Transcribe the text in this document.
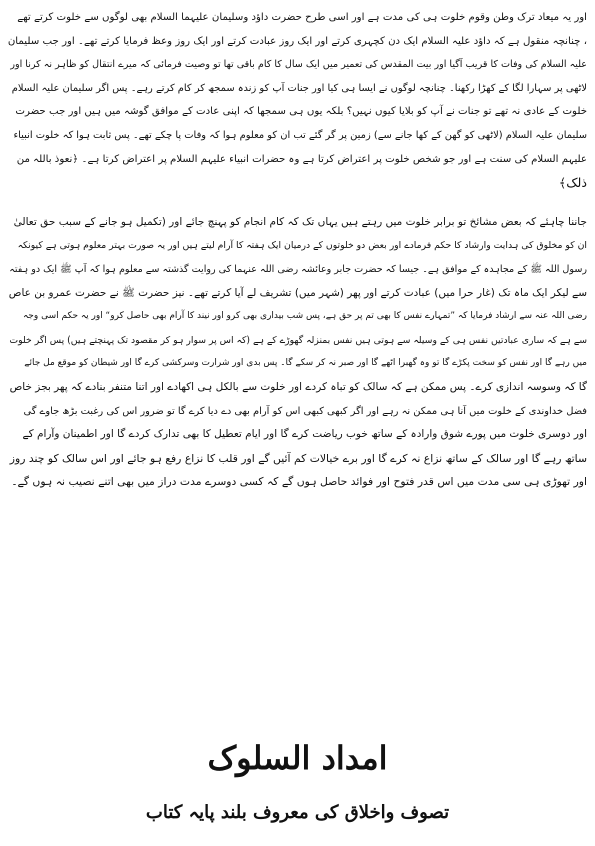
اور یہ میعاد ترک وطن وقوم خلوت ہی کی مدت ہے اور اسی طرح حضرت داؤد وسلیمان علیہما السلام بھی لوگوں سے خلوت کرتے تھے
، چنانچہ منقول ہے کہ داؤد علیہ السلام ایک دن کچہری کرتے اور ایک روز عبادت کرتے اور ایک روز وعظ فرمایا کرتے تھے۔ اور جب سلیمان
علیہ السلام کی وفات کا قریب آگیا اور بیت المقدس کی تعمیر میں ایک سال کا کام باقی تھا تو وصیت فرمائی کہ میرے انتقال کو ظاہر نہ کرنا اور
لاٹھی پر سہارا لگا کے کھڑا رکھنا۔ چنانچہ لوگوں نے ایسا ہی کیا اور جنات آپ کو زندہ سمجھ کر کام کرتے رہے۔ پس اگر سلیمان علیہ السلام
خلوت کے عادی نہ تھے تو جنات نے آپ کو بلایا کیوں نہیں؟ بلکہ یوں ہی سمجھا کہ اپنی عادت کے موافق گوشہ میں ہیں اور جب حضرت
سلیمان علیہ السلام (لاٹھی کو گھن کے کھا جانے سے) زمین پر گر گئے تب ان کو معلوم ہوا کہ وفات پا چکے تھے۔ پس ثابت ہوا کہ خلوت انبیاء
علیہم السلام کی سنت ہے اور جو شخص خلوت پر اعتراض کرتا ہے وہ حضرات انبیاء علیہم السلام پر اعتراض کرتا ہے۔ ﴿نعوذ باللہ من
ذلک﴾

جاننا چاہئے کہ بعض مشائخ تو برابر خلوت میں رہتے ہیں یہاں تک کہ کام انجام کو پہنچ جائے اور (تکمیل ہو جانے کے سبب حق تعالیٰ
ان کو مخلوق کی ہدایت وارشاد کا حکم فرمادے اور بعض دو خلوتوں کے درمیان ایک ہفتہ کا آرام لیتے ہیں اور یہ صورت بہتر معلوم ہوتی ہے کیونکہ
رسول اللہ ﷺ کے مجاہدہ کے موافق ہے۔ جیسا کہ حضرت جابر وعائشہ رضی اللہ عنہما کی روایت گذشتہ سے معلوم ہوا کہ آپ ﷺ ایک دو ہفتہ
سے لیکر ایک ماہ تک (غار حرا میں) عبادت کرتے اور پھر (شہر میں) تشریف لے آیا کرتے تھے۔ نیز حضرت ﷺ نے حضرت عمرو بن عاص
رضی اللہ عنہ سے ارشاد فرمایا کہ ”تمہارے نفس کا بھی تم پر حق ہے، پس شب بیداری بھی کرو اور نیند کا آرام بھی حاصل کرو“ اور یہ حکم اسی وجہ
سے ہے کہ ساری عبادتیں نفس ہی کے وسیلہ سے ہوتی ہیں نفس بمنزلہ گھوڑے کے ہے (کہ اس پر سوار ہو کر مقصود تک پہنچتے ہیں) پس اگر خلوت
میں رہے گا اور نفس کو سخت پکڑے گا تو وہ گھبرا اٹھے گا اور صبر نہ کر سکے گا۔ پس بدی اور شرارت وسرکشی کرے گا اور شیطان کو موقع مل جائے
گا کہ وسوسہ اندازی کرے۔ پس ممکن ہے کہ سالک کو تباہ کردے اور خلوت سے بالکل ہی اکھادے اور اتنا متنفر بنادے کہ پھر بجز خاص
فضل خداوندی کے خلوت میں آنا ہی ممکن نہ رہے اور اگر کبھی کبھی اس کو آرام بھی دے دیا کرے گا تو ضرور اس کی رغبت بڑھ جاوے گی
اور دوسری خلوت میں پورے شوق وارادہ کے ساتھ خوب ریاضت کرے گا اور ایام تعطیل کا بھی تدارک کردے گا اور اطمینان وآرام کے
ساتھ رہے گا اور سالک کے ساتھ نزاع نہ کرے گا اور برے خیالات کم آئیں گے اور قلب کا نزاع رفع ہو جائے اور اس سالک کو چند روز
اور تھوڑی ہی سی مدت میں اس قدر فتوح اور فوائد حاصل ہوں گے کہ کسی دوسرے مدت دراز میں بھی اتنے نصیب نہ ہوں گے۔

امداد السلوک
تصوف واخلاق کی معروف بلند پایہ کتاب
